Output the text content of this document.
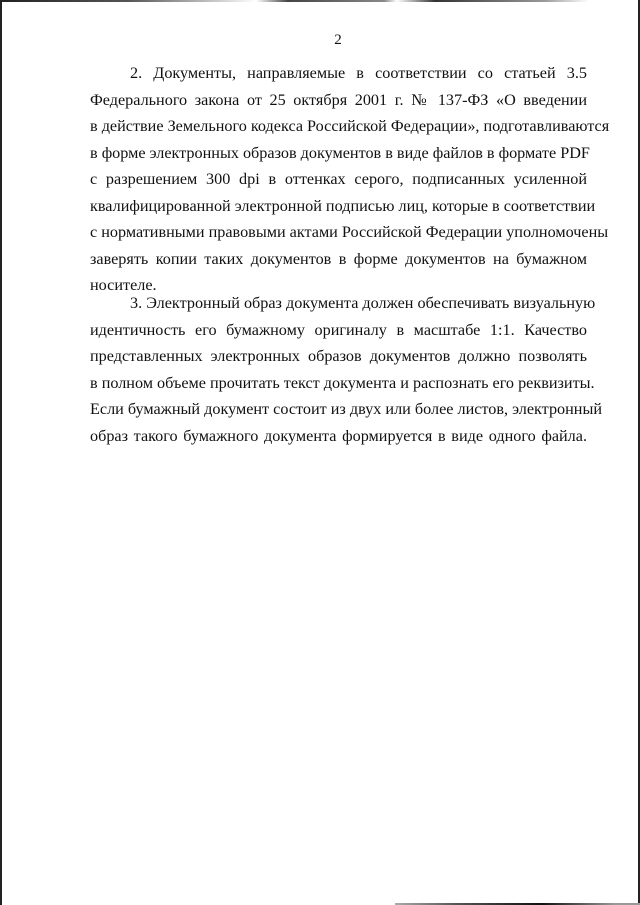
2
2. Документы, направляемые в соответствии со статьей 3.5
Федерального закона от 25 октября 2001 г. № 137-ФЗ «О введении
в действие Земельного кодекса Российской Федерации», подготавливаются
в форме электронных образов документов в виде файлов в формате PDF
с разрешением 300 dpi в оттенках серого, подписанных усиленной
квалифицированной электронной подписью лиц, которые в соответствии
с нормативными правовыми актами Российской Федерации уполномочены
заверять копии таких документов в форме документов на бумажном
носителе.
3. Электронный образ документа должен обеспечивать визуальную
идентичность его бумажному оригиналу в масштабе 1:1. Качество
представленных электронных образов документов должно позволять
в полном объеме прочитать текст документа и распознать его реквизиты.
Если бумажный документ состоит из двух или более листов, электронный
образ такого бумажного документа формируется в виде одного файла.
